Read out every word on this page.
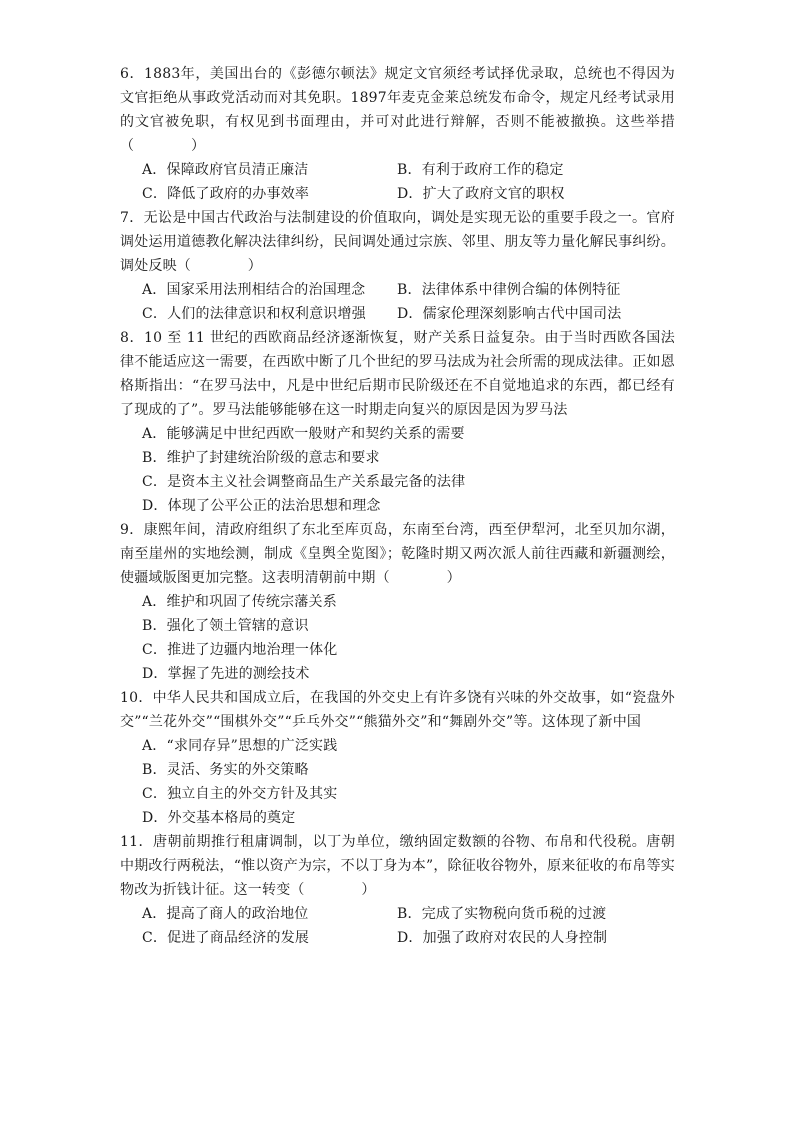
6．1883年，美国出台的《彭德尔顿法》规定文官须经考试择优录取，总统也不得因为文官拒绝从事政党活动而对其免职。1897年麦克金莱总统发布命令，规定凡经考试录用的文官被免职，有权见到书面理由，并可对此进行辩解，否则不能被撤换。这些举措（　　　　）

A．保障政府官员清正廉洁	B．有利于政府工作的稳定
C．降低了政府的办事效率	D．扩大了政府文官的职权

7．无讼是中国古代政治与法制建设的价值取向，调处是实现无讼的重要手段之一。官府调处运用道德教化解决法律纠纷，民间调处通过宗族、邻里、朋友等力量化解民事纠纷。调处反映（　　　　）

A．国家采用法刑相结合的治国理念	B．法律体系中律例合编的体例特征
C．人们的法律意识和权利意识增强	D．儒家伦理深刻影响古代中国司法

8．10 至 11 世纪的西欧商品经济逐渐恢复，财产关系日益复杂。由于当时西欧各国法律不能适应这一需要，在西欧中断了几个世纪的罗马法成为社会所需的现成法律。正如恩格斯指出：“在罗马法中，凡是中世纪后期市民阶级还在不自觉地追求的东西，都已经有了现成的了”。罗马法能够能够在这一时期走向复兴的原因是因为罗马法

A．能够满足中世纪西欧一般财产和契约关系的需要
B．维护了封建统治阶级的意志和要求
C．是资本主义社会调整商品生产关系最完备的法律
D．体现了公平公正的法治思想和理念

9．康熙年间，清政府组织了东北至库页岛，东南至台湾，西至伊犁河，北至贝加尔湖，南至崖州的实地绘测，制成《皇舆全览图》；乾隆时期又两次派人前往西藏和新疆测绘，使疆域版图更加完整。这表明清朝前中期（　　　　）

A．维护和巩固了传统宗藩关系
B．强化了领土管辖的意识
C．推进了边疆内地治理一体化
D．掌握了先进的测绘技术

10．中华人民共和国成立后，在我国的外交史上有许多饶有兴味的外交故事，如“瓷盘外交”“兰花外交”“围棋外交”“乒乓外交”“熊猫外交”和“舞剧外交”等。这体现了新中国

A．“求同存异”思想的广泛实践
B．灵活、务实的外交策略
C．独立自主的外交方针及其实
D．外交基本格局的奠定

11．唐朝前期推行租庸调制，以丁为单位，缴纳固定数额的谷物、布帛和代役税。唐朝中期改行两税法，“惟以资产为宗，不以丁身为本”，除征收谷物外，原来征收的布帛等实物改为折钱计征。这一转变（　　　　）

A．提高了商人的政治地位	B．完成了实物税向货币税的过渡
C．促进了商品经济的发展	D．加强了政府对农民的人身控制
